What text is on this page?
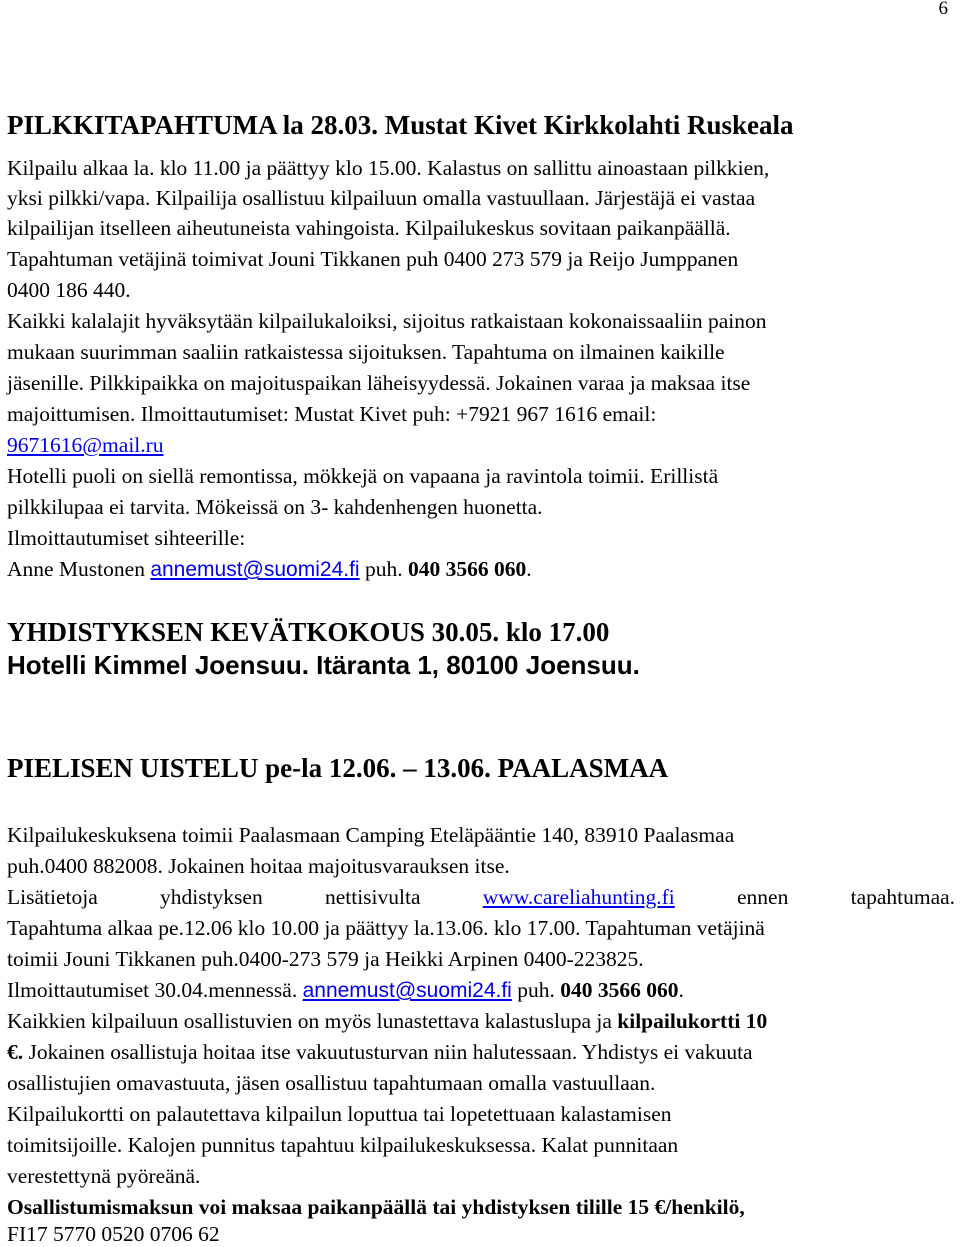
6
PILKKITAPAHTUMA la 28.03. Mustat Kivet Kirkkolahti Ruskeala
Kilpailu alkaa la. klo 11.00 ja päättyy klo 15.00. Kalastus on sallittu ainoastaan pilkkien,
yksi pilkki/vapa. Kilpailija osallistuu kilpailuun omalla vastuullaan. Järjestäjä ei vastaa
kilpailijan itselleen aiheutuneista vahingoista. Kilpailukeskus sovitaan paikanpäällä.
Tapahtuman vetäjinä toimivat Jouni Tikkanen puh 0400 273 579 ja Reijo Jumppanen
0400 186 440.
Kaikki kalalajit hyväksytään kilpailukaloiksi, sijoitus ratkaistaan kokonaissaaliin painon
mukaan suurimman saaliin ratkaistessa sijoituksen. Tapahtuma on ilmainen kaikille
jäsenille. Pilkkipaikka on majoituspaikan läheisyydessä. Jokainen varaa ja maksaa itse
majoittumisen. Ilmoittautumiset: Mustat Kivet puh: +7921 967 1616 email:
9671616@mail.ru
Hotelli puoli on siellä remontissa, mökkejä on vapaana ja ravintola toimii. Erillistä
pilkkilupaa ei tarvita. Mökeissä on 3- kahdenhengen huonetta.
Ilmoittautumiset sihteerille:
Anne Mustonen annemust@suomi24.fi puh. 040 3566 060.
YHDISTYKSEN KEVÄTKOKOUS 30.05. klo 17.00
Hotelli Kimmel Joensuu. Itäranta 1, 80100 Joensuu.
PIELISEN UISTELU pe-la 12.06. – 13.06. PAALASMAA
Kilpailukeskuksena toimii Paalasmaan Camping Eteläpääntie 140, 83910 Paalasmaa
puh.0400 882008. Jokainen hoitaa majoitusvarauksen itse.
Lisätietoja	yhdistyksen	nettisivulta	www.careliahunting.fi	ennen	tapahtumaa.
Tapahtuma alkaa pe.12.06 klo 10.00 ja päättyy la.13.06. klo 17.00. Tapahtuman vetäjinä
toimii Jouni Tikkanen puh.0400-273 579 ja Heikki Arpinen 0400-223825.
Ilmoittautumiset 30.04.mennessä. annemust@suomi24.fi puh. 040 3566 060.
Kaikkien kilpailuun osallistuvien on myös lunastettava kalastuslupa ja kilpailukortti 10
€. Jokainen osallistuja hoitaa itse vakuutusturvan niin halutessaan. Yhdistys ei vakuuta
osallistujien omavastuuta, jäsen osallistuu tapahtumaan omalla vastuullaan.
Kilpailukortti on palautettava kilpailun loputtua tai lopetettuaan kalastamisen
toimitsijoille. Kalojen punnitus tapahtuu kilpailukeskuksessa. Kalat punnitaan
verestettynä pyöreänä.
Osallistumismaksun voi maksaa paikanpäällä tai yhdistyksen tilille 15 €/henkilö,
FI17 5770 0520 0706 62
